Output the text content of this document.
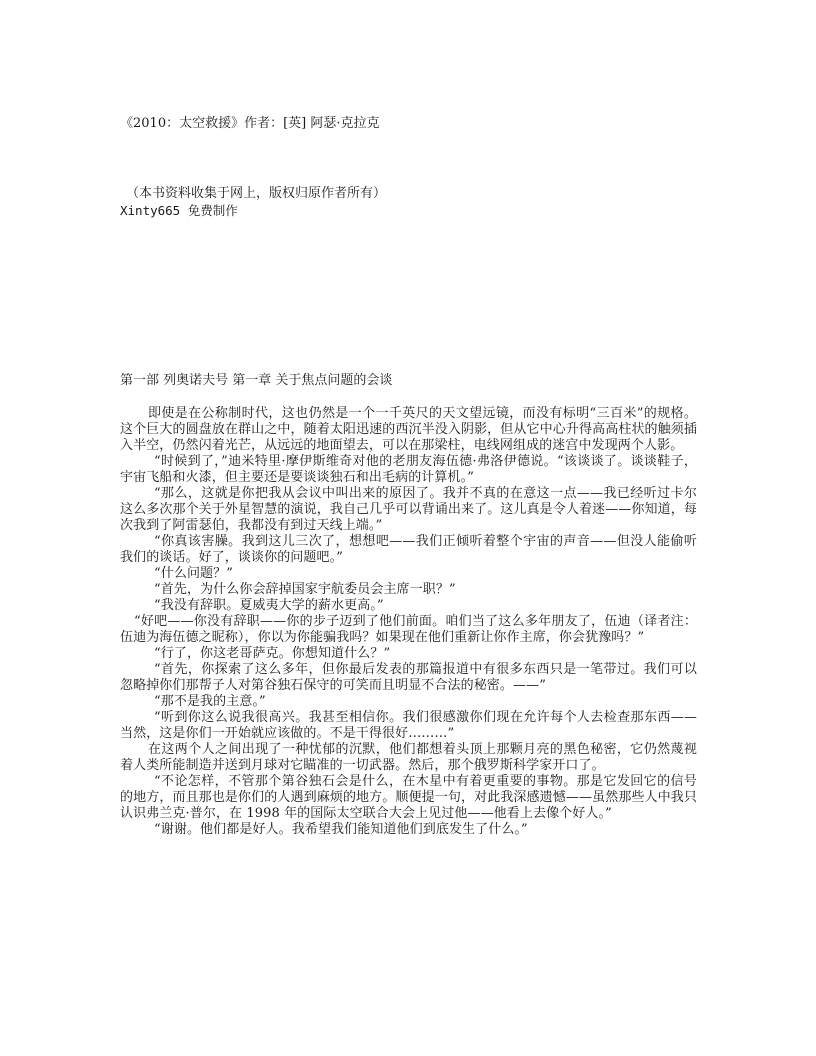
《2010：太空救援》作者：[英] 阿瑟·克拉克
（本书资料收集于网上，版权归原作者所有）
Xinty665 免费制作
第一部 列奥诺夫号 第一章 关于焦点问题的会谈

即使是在公称制时代，这也仍然是一个一千英尺的天文望远镜，而没有标明“三百米”的规格。这个巨大的圆盘放在群山之中，随着太阳迅速的西沉半没入阴影，但从它中心升得高高柱状的触须插入半空，仍然闪着光芒，从远远的地面望去，可以在那梁柱，电线网组成的迷宫中发现两个人影。

“时候到了，”迪米特里·摩伊斯维奇对他的老朋友海伍德·弗洛伊德说。“该谈谈了。谈谈鞋子，宇宙飞船和火漆，但主要还是要谈谈独石和出毛病的计算机。”

“那么，这就是你把我从会议中叫出来的原因了。我并不真的在意这一点——我已经听过卡尔这么多次那个关于外星智慧的演说，我自己几乎可以背诵出来了。这儿真是令人着迷——你知道，每次我到了阿雷瑟伯，我都没有到过天线上端。”

“你真该害臊。我到这儿三次了，想想吧——我们正倾听着整个宇宙的声音——但没人能偷听我们的谈话。好了，谈谈你的问题吧。”

“什么问题？”

“首先，为什么你会辞掉国家宇航委员会主席一职？”

“我没有辞职。夏威夷大学的薪水更高。”

“好吧——你没有辞职——你的步子迈到了他们前面。咱们当了这么多年朋友了，伍迪（译者注：伍迪为海伍德之昵称），你以为你能骗我吗？如果现在他们重新让你作主席，你会犹豫吗？”

“行了，你这老哥萨克。你想知道什么？”

“首先，你探索了这么多年，但你最后发表的那篇报道中有很多东西只是一笔带过。我们可以忽略掉你们那帮子人对第谷独石保守的可笑而且明显不合法的秘密。——”

“那不是我的主意。”

“听到你这么说我很高兴。我甚至相信你。我们很感激你们现在允许每个人去检查那东西——当然，这是你们一开始就应该做的。不是干得很好………”

在这两个人之间出现了一种忧郁的沉默，他们都想着头顶上那颗月亮的黑色秘密，它仍然蔑视着人类所能制造并送到月球对它瞄准的一切武器。然后，那个俄罗斯科学家开口了。

“不论怎样，不管那个第谷独石会是什么，在木星中有着更重要的事物。那是它发回它的信号的地方，而且那也是你们的人遇到麻烦的地方。顺便提一句，对此我深感遗憾——虽然那些人中我只认识弗兰克·普尔，在 1998 年的国际太空联合大会上见过他——他看上去像个好人。”

“谢谢。他们都是好人。我希望我们能知道他们到底发生了什么。”
